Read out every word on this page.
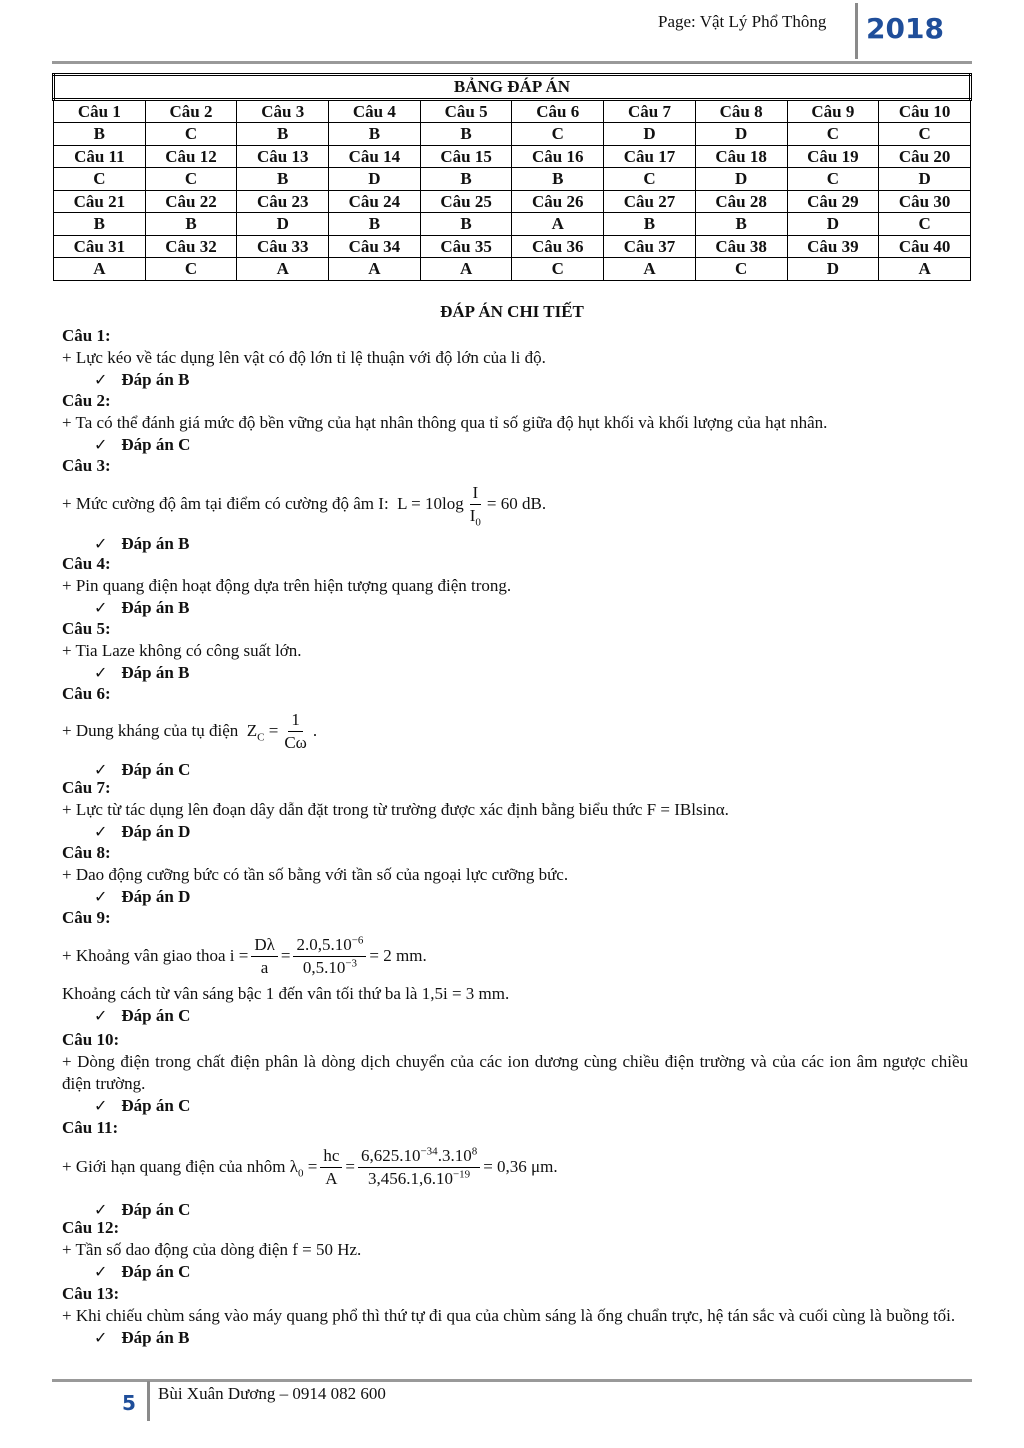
Page: Vật Lý Phổ Thông 2018
BẢNG ĐÁP ÁN									
Câu 1	Câu 2	Câu 3	Câu 4	Câu 5	Câu 6	Câu 7	Câu 8	Câu 9	Câu 10
B	C	B	B	B	C	D	D	C	C
Câu 11	Câu 12	Câu 13	Câu 14	Câu 15	Câu 16	Câu 17	Câu 18	Câu 19	Câu 20
C	C	B	D	B	B	C	D	C	D
Câu 21	Câu 22	Câu 23	Câu 24	Câu 25	Câu 26	Câu 27	Câu 28	Câu 29	Câu 30
B	B	D	B	B	A	B	B	D	C
Câu 31	Câu 32	Câu 33	Câu 34	Câu 35	Câu 36	Câu 37	Câu 38	Câu 39	Câu 40
A	C	A	A	A	C	A	C	D	A
ĐÁP ÁN CHI TIẾT
Câu 1:
+ Lực kéo về tác dụng lên vật có độ lớn tỉ lệ thuận với độ lớn của li độ.
✓ Đáp án B
Câu 2:
+ Ta có thể đánh giá mức độ bền vững của hạt nhân thông qua tỉ số giữa độ hụt khối và khối lượng của hạt nhân.
✓ Đáp án C
Câu 3:
+ Mức cường độ âm tại điểm có cường độ âm I:
$L = 10\log \frac{I}{I_0} = 60$ dB.
✓ Đáp án B
Câu 4:
+ Pin quang điện hoạt động dựa trên hiện tượng quang điện trong.
✓ Đáp án B
Câu 5:
+ Tia Laze không có công suất lớn.
✓ Đáp án B
Câu 6:
+ Dung kháng của tụ điện
$Z_C$
= $\frac{1}{C\omega}$ .
✓ Đáp án C
Câu 7:
+ Lực từ tác dụng lên đoạn dây dẫn đặt trong từ trường được xác định bằng biểu thức F = IBlsinα.
✓ Đáp án D
Câu 8:
+ Dao động cưỡng bức có tần số bằng với tần số của ngoại lực cưỡng bức.
✓ Đáp án D
Câu 9:
+ Khoảng vân giao thoa
$i = \frac{D\lambda}{a} = \frac{2.0,5.10^{-6}}{0,5.10^{-3}} = 2$ mm.
Khoảng cách từ vân sáng bậc 1 đến vân tối thứ ba là 1,5i = 3 mm.
✓ Đáp án C
Câu 10:
+ Dòng điện trong chất điện phân là dòng dịch chuyển của các ion dương cùng chiều điện trường và của các ion âm ngược chiều điện trường.
✓ Đáp án C
Câu 11:
+ Giới hạn quang điện của nhôm
$\lambda_0$
= $\frac{hc}{A} = \frac{6,625.10^{-34}.3.10^8}{3,456.1,6.10^{-19}} = 0,36$ μm.
✓ Đáp án C
Câu 12:
+ Tần số dao động của dòng điện f = 50 Hz.
✓ Đáp án C
Câu 13:
+ Khi chiếu chùm sáng vào máy quang phổ thì thứ tự đi qua của chùm sáng là ống chuẩn trực, hệ tán sắc và cuối cùng là buồng tối.
✓ Đáp án B
5 Bùi Xuân Dương – 0914 082 600
